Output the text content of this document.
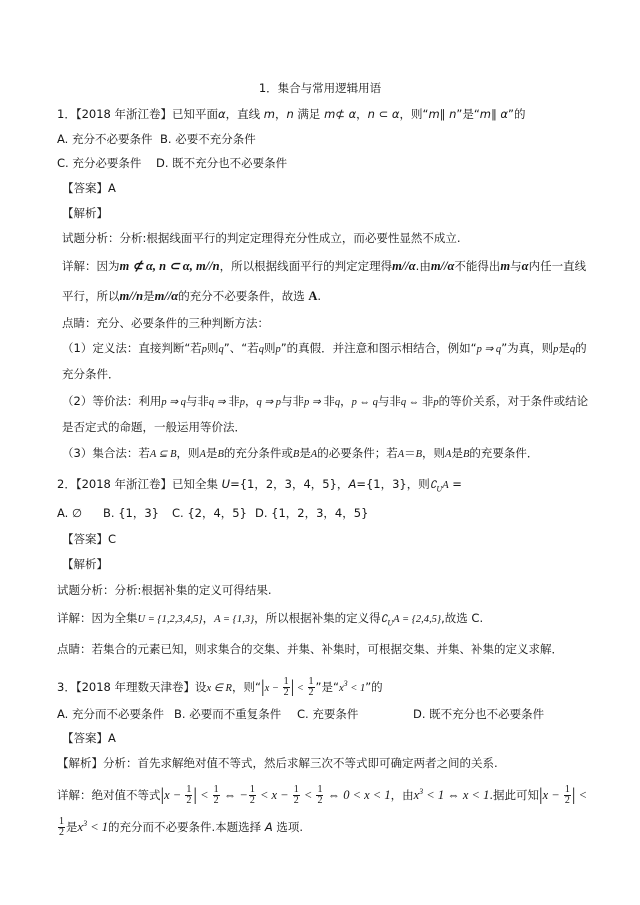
1．集合与常用逻辑用语
1．【2018 年浙江卷】已知平面α，直线 m，n 满足 m⊄ α，n ⊂ α，则“m∥ n”是“m∥ α”的
A. 充分不必要条件 B. 必要不充分条件
C. 充分必要条件 D. 既不充分也不必要条件
【答案】A
【解析】
试题分析：分析:根据线面平行的判定定理得充分性成立，而必要性显然不成立.
详解：因为m ⊄ α, n ⊂ α, m//n，所以根据线面平行的判定定理得m//α.由m//α不能得出m与α内任一直线平行，所以m//n是m//α的充分不必要条件，故选 A.
点睛：充分、必要条件的三种判断方法：
（1）定义法：直接判断“若p则q”、“若q则p”的真假．并注意和图示相结合，例如“p ⇒ q”为真，则p是q的充分条件．
（2）等价法：利用p ⇒ q与非q ⇒ 非p，q ⇒ p与非p ⇒ 非q，p ⇔ q与非q ⇔ 非p的等价关系，对于条件或结论是否定式的命题，一般运用等价法．
（3）集合法：若A ⊆ B，则A是B的充分条件或B是A的必要条件；若A＝B，则A是B的充要条件．
2．【2018 年浙江卷】已知全集 U={1，2，3，4，5}，A={1，3}，则$∁_UA$ =
A. ∅ B. {1，3} C. {2，4，5} D. {1，2，3，4，5}
【答案】C
【解析】
试题分析：分析:根据补集的定义可得结果.
详解：因为全集U = {1,2,3,4,5}，A = {1,3}，所以根据补集的定义得$∁_UA = \{2,4,5\}$,故选 C.
点睛：若集合的元素已知，则求集合的交集、并集、补集时，可根据交集、并集、补集的定义求解．
3．【2018 年理数天津卷】设x ∈ R，则“$|x - \frac{1}{2}$ | < $\frac{1}{2}$ ”是“$x^3 < 1$”的
A. 充分而不必要条件 B. 必要而不重复条件 C. 充要条件	D. 既不充分也不必要条件
【答案】A
【解析】分析：首先求解绝对值不等式，然后求解三次不等式即可确定两者之间的关系.
详解：绝对值不等式$|x - \frac{1}{2}$ | < $\frac{1}{2}$ ⇔ − $\frac{1}{2} < x - \frac{1}{2} < \frac{1}{2}$ ⇔ 0 < x < 1，由$x^3 < 1$ ⇔ x < 1.据此可知$|x - \frac{1}{2}$ | <
$\frac{1}{2}$ 是$x^3 < 1$的充分而不必要条件.本题选择 A 选项.
